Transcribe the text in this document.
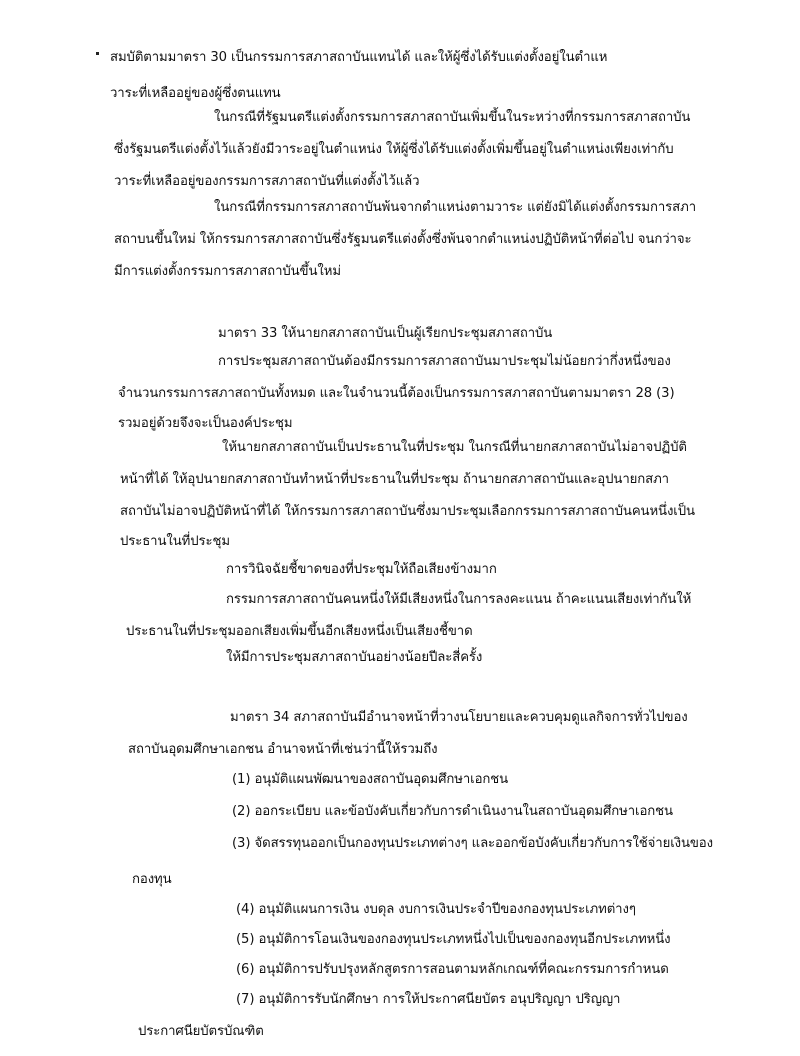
สมบัติตามมาตรา 30 เป็นกรรมการสภาสถาบันแทนได้ และให้ผู้ซึ่งได้รับแต่งตั้งอยู่ในตำแห
วาระที่เหลืออยู่ของผู้ซึ่งตนแทน
ในกรณีที่รัฐมนตรีแต่งตั้งกรรมการสภาสถาบันเพิ่มขึ้นในระหว่างที่กรรมการสภาสถาบัน
ซึ่งรัฐมนตรีแต่งตั้งไว้แล้วยังมีวาระอยู่ในตำแหน่ง ให้ผู้ซึ่งได้รับแต่งตั้งเพิ่มขึ้นอยู่ในตำแหน่งเพียงเท่ากับ
วาระที่เหลืออยู่ของกรรมการสภาสถาบันที่แต่งตั้งไว้แล้ว
ในกรณีที่กรรมการสภาสถาบันพ้นจากตำแหน่งตามวาระ แต่ยังมิได้แต่งตั้งกรรมการสภา
สถาบนขึ้นใหม่ ให้กรรมการสภาสถาบันซึ่งรัฐมนตรีแต่งตั้งซึ่งพ้นจากตำแหน่งปฏิบัติหน้าที่ต่อไป จนกว่าจะ
มีการแต่งตั้งกรรมการสภาสถาบันขึ้นใหม่
มาตรา 33 ให้นายกสภาสถาบันเป็นผู้เรียกประชุมสภาสถาบัน
การประชุมสภาสถาบันต้องมีกรรมการสภาสถาบันมาประชุมไม่น้อยกว่ากึ่งหนึ่งของ
จำนวนกรรมการสภาสถาบันทั้งหมด และในจำนวนนี้ต้องเป็นกรรมการสภาสถาบันตามมาตรา 28 (3)
รวมอยู่ด้วยจึงจะเป็นองค์ประชุม
ให้นายกสภาสถาบันเป็นประธานในที่ประชุม ในกรณีที่นายกสภาสถาบันไม่อาจปฏิบัติ
หน้าที่ได้ ให้อุปนายกสภาสถาบันทำหน้าที่ประธานในที่ประชุม ถ้านายกสภาสถาบันและอุปนายกสภา
สถาบันไม่อาจปฏิบัติหน้าที่ได้ ให้กรรมการสภาสถาบันซึ่งมาประชุมเลือกกรรมการสภาสถาบันคนหนึ่งเป็น
ประธานในที่ประชุม
การวินิจฉัยชี้ขาดของที่ประชุมให้ถือเสียงข้างมาก
กรรมการสภาสถาบันคนหนึ่งให้มีเสียงหนึ่งในการลงคะแนน ถ้าคะแนนเสียงเท่ากันให้
ประธานในที่ประชุมออกเสียงเพิ่มขึ้นอีกเสียงหนึ่งเป็นเสียงชี้ขาด
ให้มีการประชุมสภาสถาบันอย่างน้อยปีละสี่ครั้ง
มาตรา 34 สภาสถาบันมีอำนาจหน้าที่วางนโยบายและควบคุมดูแลกิจการทั่วไปของ
สถาบันอุดมศึกษาเอกชน อำนาจหน้าที่เช่นว่านี้ให้รวมถึง
(1) อนุมัติแผนพัฒนาของสถาบันอุดมศึกษาเอกชน
(2) ออกระเบียบ และข้อบังคับเกี่ยวกับการดำเนินงานในสถาบันอุดมศึกษาเอกชน
(3) จัดสรรทุนออกเป็นกองทุนประเภทต่างๆ และออกข้อบังคับเกี่ยวกับการใช้จ่ายเงินของ
กองทุน
(4) อนุมัติแผนการเงิน งบดุล งบการเงินประจำปีของกองทุนประเภทต่างๆ
(5) อนุมัติการโอนเงินของกองทุนประเภทหนึ่งไปเป็นของกองทุนอีกประเภทหนึ่ง
(6) อนุมัติการปรับปรุงหลักสูตรการสอนตามหลักเกณฑ์ที่คณะกรรมการกำหนด
(7) อนุมัติการรับนักศึกษา การให้ประกาศนียบัตร อนุปริญญา ปริญญา
ประกาศนียบัตรบัณฑิต
